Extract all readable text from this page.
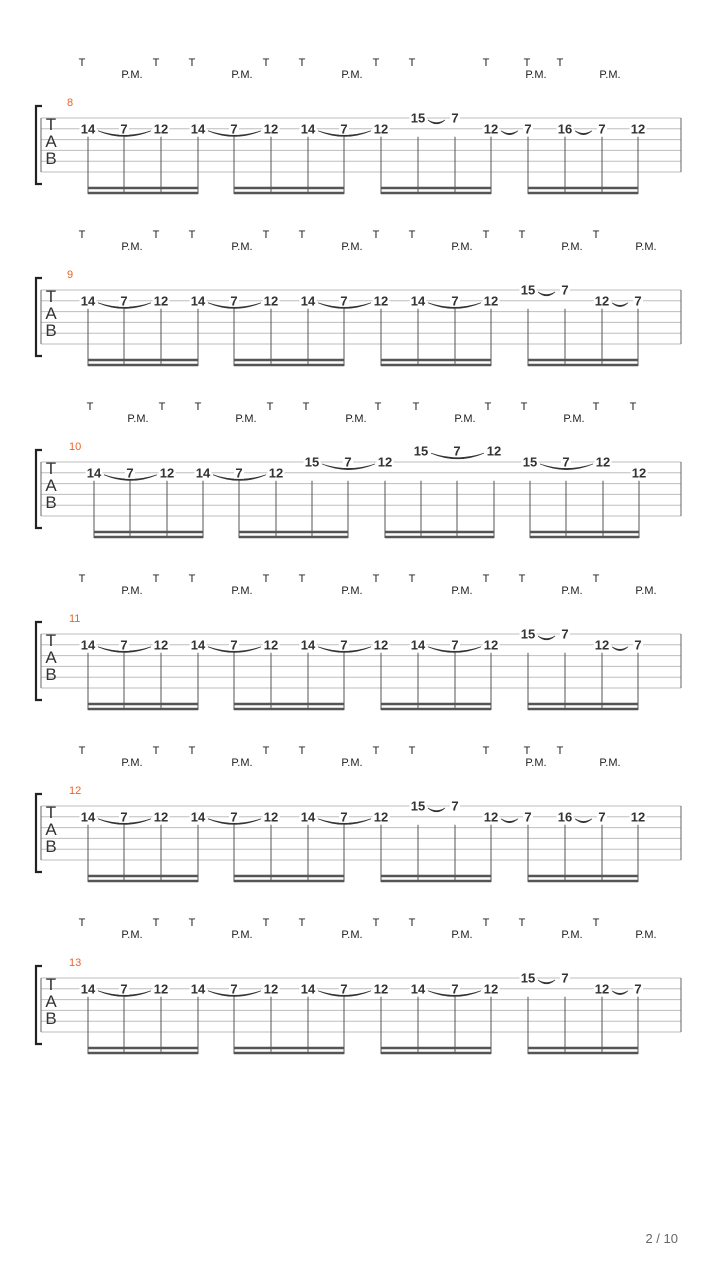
T
P.M.
T	T
P.M.
T	T
P.M.
T	T	T
P.M.
T
P.M.
T
8
T
A
B
14 7 12 14 7 12 14 7 12
15 7
12 7 16 7 12
T
P.M.
T	T
P.M.
T	T
P.M.
T	T
P.M.
T	T
P.M.
T
P.M.
9
T
A
B
14 7 12 14 7 12 14 7 12 14 7 12
15 7
12 7
T
P.M.
T	T
P.M.
T	T
P.M.
T	T
P.M.
T	T
P.M.
T	T
10
T
A
B
14 7 12 14 7 12
15 7 12
15 7 12
15 7 12
12
T
P.M.
T	T
P.M.
T	T
P.M.
T	T
P.M.
T	T
P.M.
T
P.M.
11
T
A
B
14 7 12 14 7 12 14 7 12 14 7 12
15 7
12 7
T
P.M.
T	T
P.M.
T	T
P.M.
T	T	T
P.M.
T
P.M.
T
12
T
A
B
14 7 12 14 7 12 14 7 12
15 7
12 7 16 7 12
T
P.M.
T	T
P.M.
T	T
P.M.
T	T
P.M.
T	T
P.M.
T
P.M.
13
T
A
B
14 7 12 14 7 12 14 7 12 14 7 12
15 7
12 7
2 / 10
